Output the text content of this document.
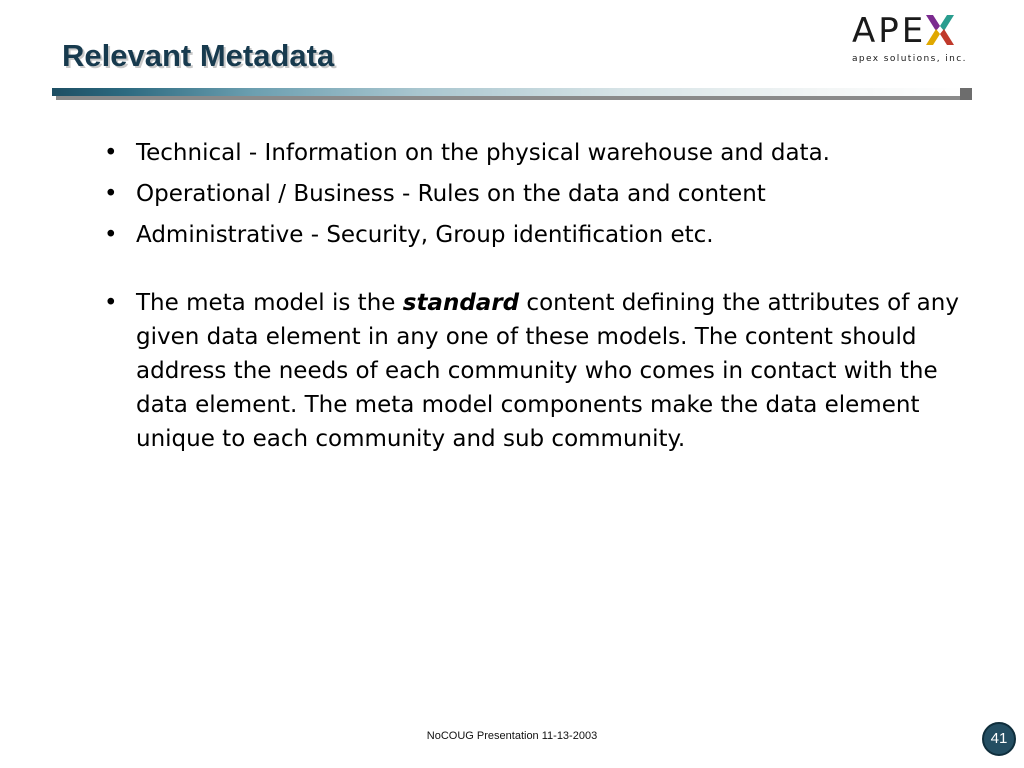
Relevant Metadata
APE
apex solutions, inc.
• Technical - Information on the physical warehouse and data.
• Operational / Business - Rules on the data and content
• Administrative - Security, Group identification etc.
• The meta model is the standard content defining the attributes of any given data element in any one of these models. The content should address the needs of each community who comes in contact with the data element. The meta model components make the data element unique to each community and sub community.
NoCOUG Presentation 11-13-2003	41
